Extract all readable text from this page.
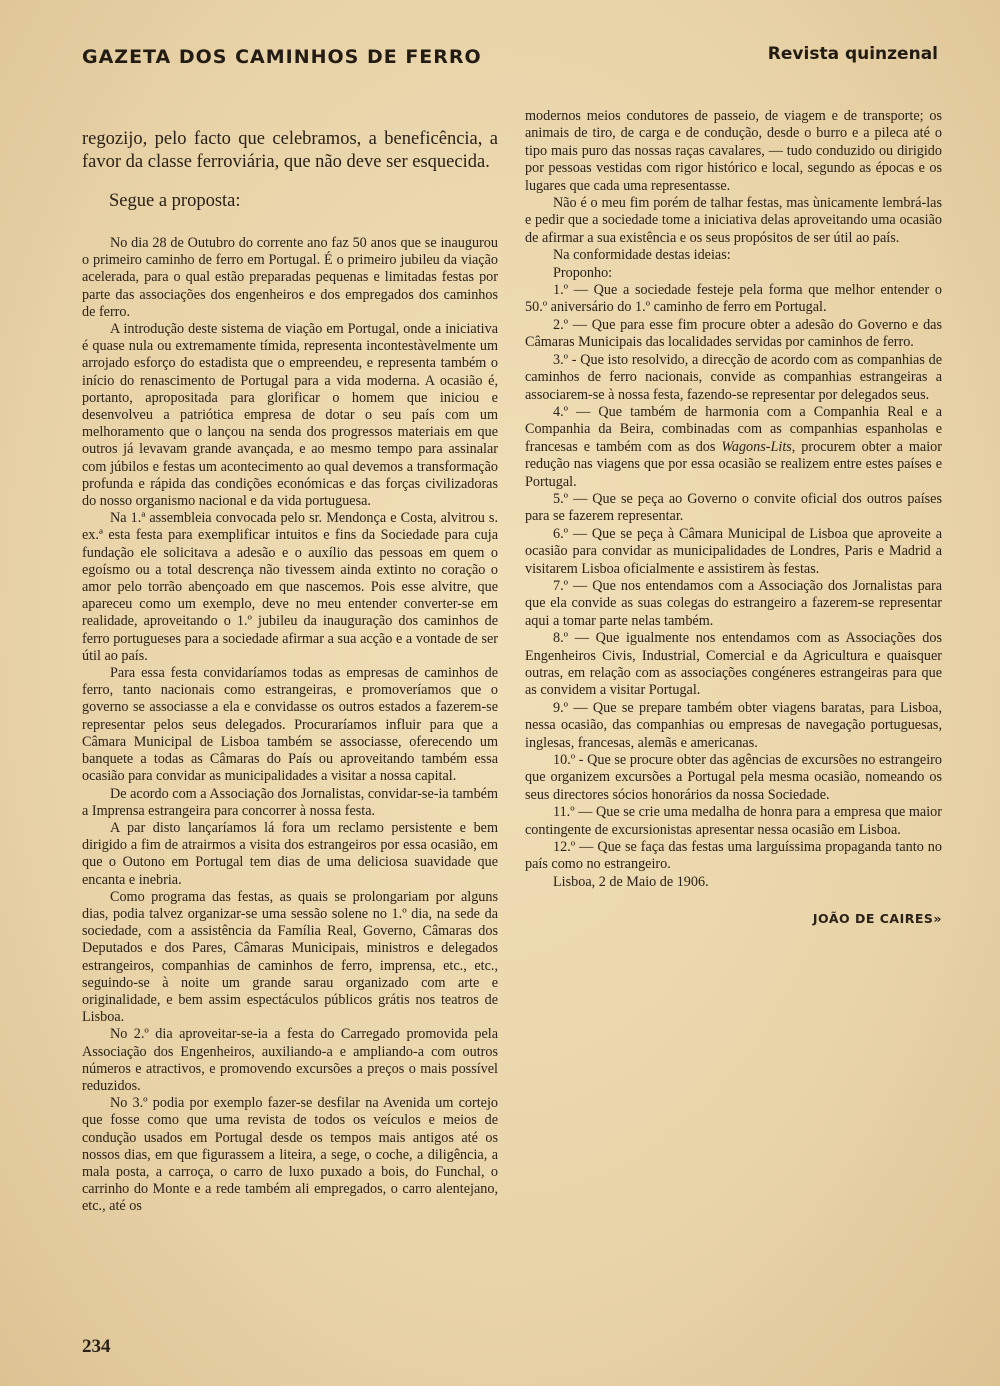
GAZETA DOS CAMINHOS DE FERRO	Revista quinzenal

regozijo, pelo facto que celebramos, a beneficência, a favor da classe ferroviária, que não deve ser esquecida.

Segue a proposta:

No dia 28 de Outubro do corrente ano faz 50 anos que se inaugurou o primeiro caminho de ferro em Portugal. É o primeiro jubileu da viação acelerada, para o qual estão preparadas pequenas e limitadas festas por parte das associações dos engenheiros e dos empregados dos caminhos de ferro.

A introdução deste sistema de viação em Portugal, onde a iniciativa é quase nula ou extremamente tímida, representa incontestàvelmente um arrojado esforço do estadista que o empreendeu, e representa também o início do renascimento de Portugal para a vida moderna. A ocasião é, portanto, apropositada para glorificar o homem que iniciou e desenvolveu a patriótica empresa de dotar o seu país com um melhoramento que o lançou na senda dos progressos materiais em que outros já levavam grande avançada, e ao mesmo tempo para assinalar com júbilos e festas um acontecimento ao qual devemos a transformação profunda e rápida das condições económicas e das forças civilizadoras do nosso organismo nacional e da vida portuguesa.

Na 1.ª assembleia convocada pelo sr. Mendonça e Costa, alvitrou s. ex.ª esta festa para exemplificar intuitos e fins da Sociedade para cuja fundação ele solicitava a adesão e o auxílio das pessoas em quem o egoísmo ou a total descrença não tivessem ainda extinto no coração o amor pelo torrão abençoado em que nascemos. Pois esse alvitre, que apareceu como um exemplo, deve no meu entender converter-se em realidade, aproveitando o 1.º jubileu da inauguração dos caminhos de ferro portugueses para a sociedade afirmar a sua acção e a vontade de ser útil ao país.

Para essa festa convidaríamos todas as empresas de caminhos de ferro, tanto nacionais como estrangeiras, e promoveríamos que o governo se associasse a ela e convidasse os outros estados a fazerem-se representar pelos seus delegados. Procuraríamos influir para que a Câmara Municipal de Lisboa também se associasse, oferecendo um banquete a todas as Câmaras do País ou aproveitando também essa ocasião para convidar as municipalidades a visitar a nossa capital.

De acordo com a Associação dos Jornalistas, convidar-se-ia também a Imprensa estrangeira para concorrer à nossa festa.

A par disto lançaríamos lá fora um reclamo persistente e bem dirigido a fim de atrairmos a visita dos estrangeiros por essa ocasião, em que o Outono em Portugal tem dias de uma deliciosa suavidade que encanta e inebria.

Como programa das festas, as quais se prolongariam por alguns dias, podia talvez organizar-se uma sessão solene no 1.º dia, na sede da sociedade, com a assistência da Família Real, Governo, Câmaras dos Deputados e dos Pares, Câmaras Municipais, ministros e delegados estrangeiros, companhias de caminhos de ferro, imprensa, etc., etc., seguindo-se à noite um grande sarau organizado com arte e originalidade, e bem assim espectáculos públicos grátis nos teatros de Lisboa.

No 2.º dia aproveitar-se-ia a festa do Carregado promovida pela Associação dos Engenheiros, auxiliando-a e ampliando-a com outros números e atractivos, e promovendo excursões a preços o mais possível reduzidos.

No 3.º podia por exemplo fazer-se desfilar na Avenida um cortejo que fosse como que uma revista de todos os veículos e meios de condução usados em Portugal desde os tempos mais antigos até os nossos dias, em que figurassem a liteira, a sege, o coche, a diligência, a mala posta, a carroça, o carro de luxo puxado a bois, do Funchal, o carrinho do Monte e a rede também ali empregados, o carro alentejano, etc., até os

modernos meios condutores de passeio, de viagem e de transporte; os animais de tiro, de carga e de condução, desde o burro e a pileca até o tipo mais puro das nossas raças cavalares, — tudo conduzido ou dirigido por pessoas vestidas com rigor histórico e local, segundo as épocas e os lugares que cada uma representasse.

Não é o meu fim porém de talhar festas, mas ùnicamente lembrá-las e pedir que a sociedade tome a iniciativa delas aproveitando uma ocasião de afirmar a sua existência e os seus propósitos de ser útil ao país.

Na conformidade destas ideias:

Proponho:

1.º — Que a sociedade festeje pela forma que melhor entender o 50.º aniversário do 1.º caminho de ferro em Portugal.

2.º — Que para esse fim procure obter a adesão do Governo e das Câmaras Municipais das localidades servidas por caminhos de ferro.

3.º - Que isto resolvido, a direcção de acordo com as companhias de caminhos de ferro nacionais, convide as companhias estrangeiras a associarem-se à nossa festa, fazendo-se representar por delegados seus.

4.º — Que também de harmonia com a Companhia Real e a Companhia da Beira, combinadas com as companhias espanholas e francesas e também com as dos Wagons-Lits, procurem obter a maior redução nas viagens que por essa ocasião se realizem entre estes países e Portugal.

5.º — Que se peça ao Governo o convite oficial dos outros países para se fazerem representar.

6.º — Que se peça à Câmara Municipal de Lisboa que aproveite a ocasião para convidar as municipalidades de Londres, Paris e Madrid a visitarem Lisboa oficialmente e assistirem às festas.

7.º — Que nos entendamos com a Associação dos Jornalistas para que ela convide as suas colegas do estrangeiro a fazerem-se representar aqui a tomar parte nelas também.

8.º — Que igualmente nos entendamos com as Associações dos Engenheiros Civis, Industrial, Comercial e da Agricultura e quaisquer outras, em relação com as associações congéneres estrangeiras para que as convidem a visitar Portugal.

9.º — Que se prepare também obter viagens baratas, para Lisboa, nessa ocasião, das companhias ou empresas de navegação portuguesas, inglesas, francesas, alemãs e americanas.

10.º - Que se procure obter das agências de excursões no estrangeiro que organizem excursões a Portugal pela mesma ocasião, nomeando os seus directores sócios honorários da nossa Sociedade.

11.º — Que se crie uma medalha de honra para a empresa que maior contingente de excursionistas apresentar nessa ocasião em Lisboa.

12.º — Que se faça das festas uma larguíssima propaganda tanto no país como no estrangeiro.

Lisboa, 2 de Maio de 1906.

JOÃO DE CAIRES»
234
